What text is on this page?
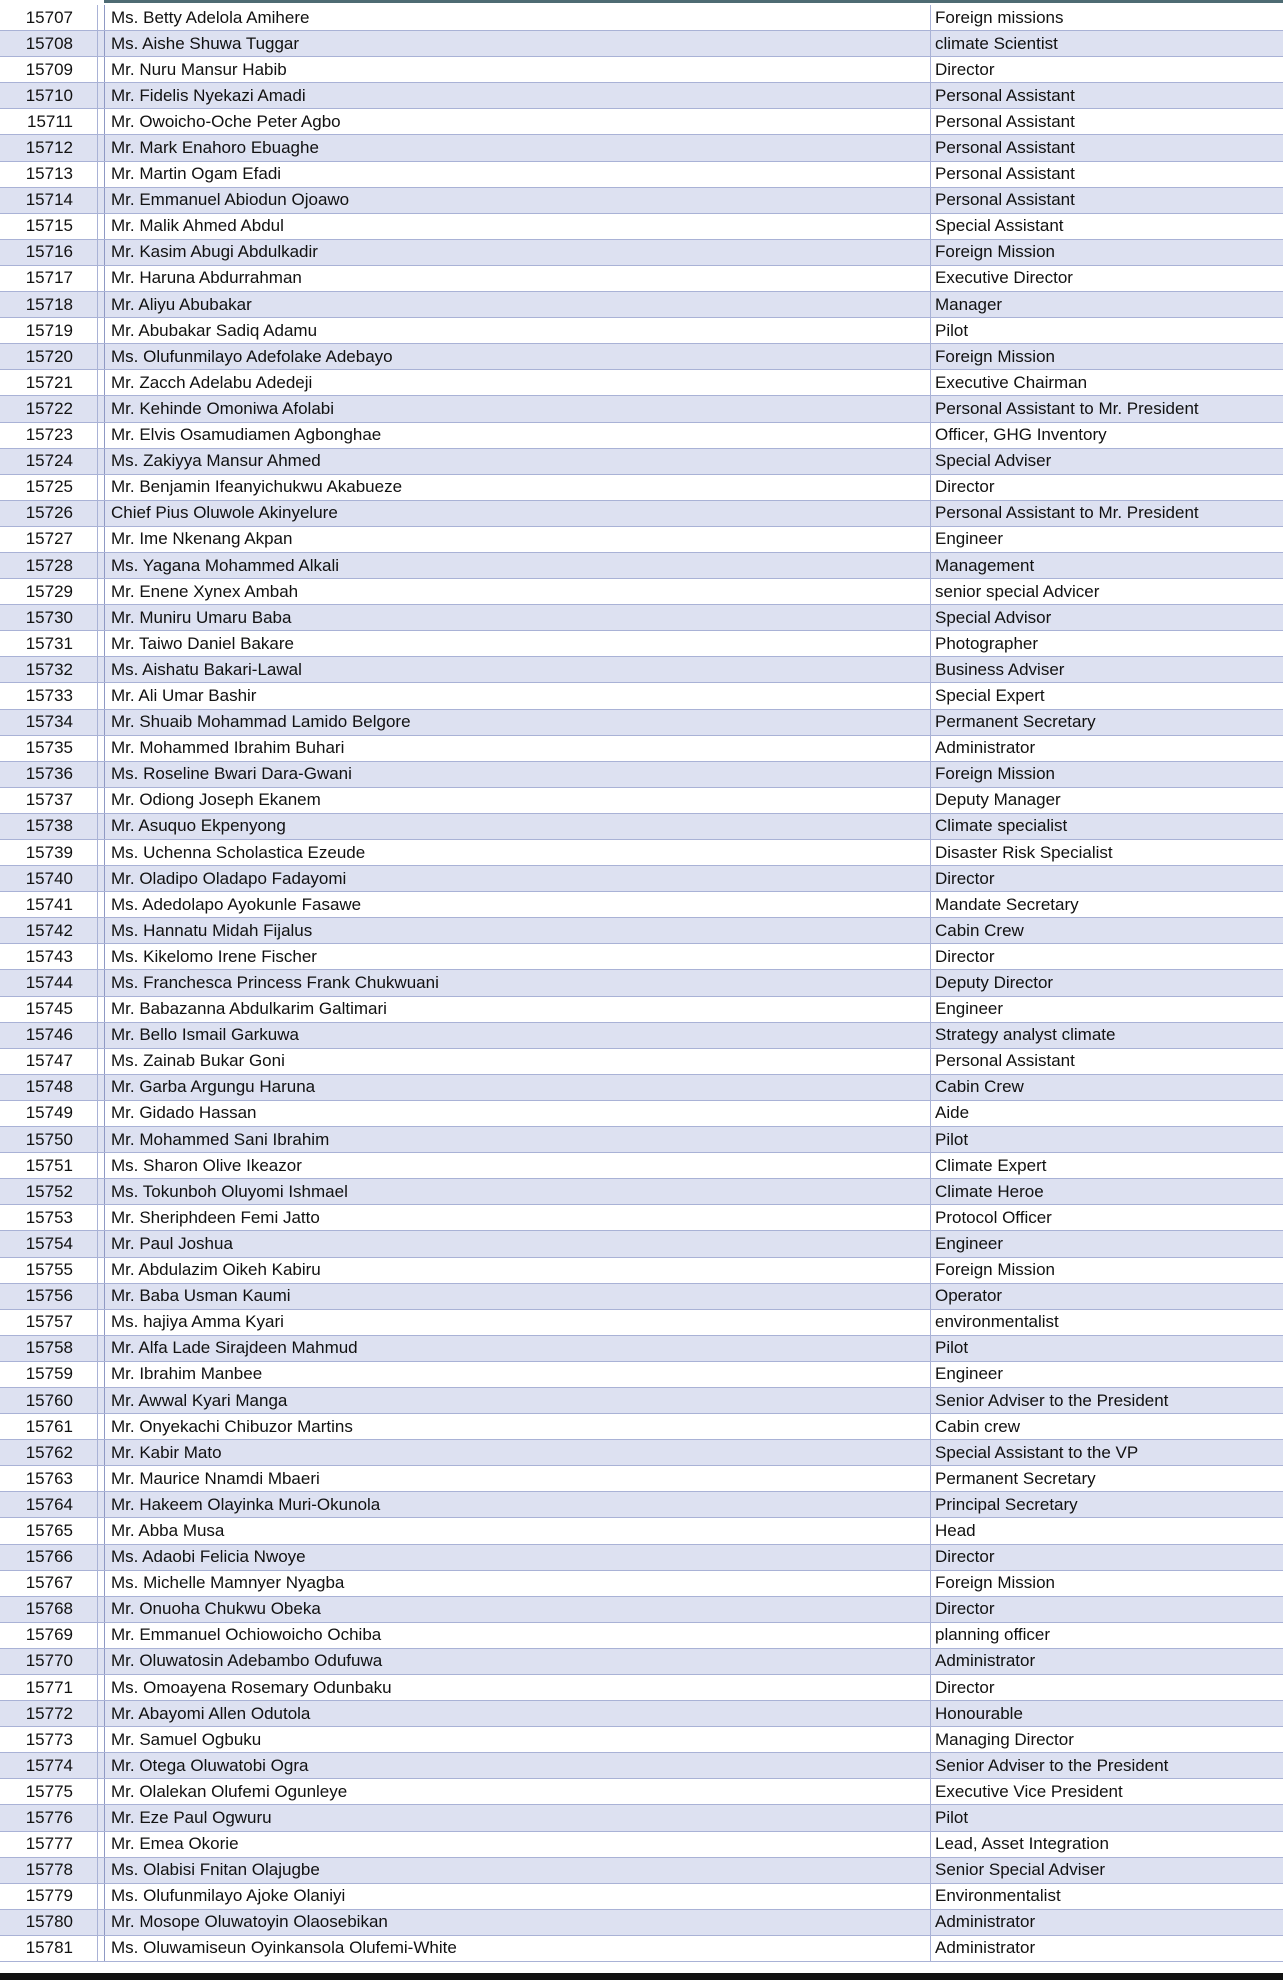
15707	Ms. Betty Adelola Amihere	Foreign missions
15708	Ms. Aishe Shuwa Tuggar	climate Scientist
15709	Mr. Nuru Mansur Habib	Director
15710	Mr. Fidelis Nyekazi Amadi	Personal Assistant
15711	Mr. Owoicho-Oche Peter Agbo	Personal Assistant
15712	Mr. Mark Enahoro Ebuaghe	Personal Assistant
15713	Mr. Martin Ogam Efadi	Personal Assistant
15714	Mr. Emmanuel Abiodun Ojoawo	Personal Assistant
15715	Mr. Malik Ahmed Abdul	Special Assistant
15716	Mr. Kasim Abugi Abdulkadir	Foreign Mission
15717	Mr. Haruna Abdurrahman	Executive Director
15718	Mr. Aliyu Abubakar	Manager
15719	Mr. Abubakar Sadiq Adamu	Pilot
15720	Ms. Olufunmilayo Adefolake Adebayo	Foreign Mission
15721	Mr. Zacch Adelabu Adedeji	Executive Chairman
15722	Mr. Kehinde Omoniwa Afolabi	Personal Assistant to Mr. President
15723	Mr. Elvis Osamudiamen Agbonghae	Officer, GHG Inventory
15724	Ms. Zakiyya Mansur Ahmed	Special Adviser
15725	Mr. Benjamin Ifeanyichukwu Akabueze	Director
15726	Chief Pius Oluwole Akinyelure	Personal Assistant to Mr. President
15727	Mr. Ime Nkenang Akpan	Engineer
15728	Ms. Yagana Mohammed Alkali	Management
15729	Mr. Enene Xynex Ambah	senior special Advicer
15730	Mr. Muniru Umaru Baba	Special Advisor
15731	Mr. Taiwo Daniel Bakare	Photographer
15732	Ms. Aishatu Bakari-Lawal	Business Adviser
15733	Mr. Ali Umar Bashir	Special Expert
15734	Mr. Shuaib Mohammad Lamido Belgore	Permanent Secretary
15735	Mr. Mohammed Ibrahim Buhari	Administrator
15736	Ms. Roseline Bwari Dara-Gwani	Foreign Mission
15737	Mr. Odiong Joseph Ekanem	Deputy Manager
15738	Mr. Asuquo Ekpenyong	Climate specialist
15739	Ms. Uchenna Scholastica Ezeude	Disaster Risk Specialist
15740	Mr. Oladipo Oladapo Fadayomi	Director
15741	Ms. Adedolapo Ayokunle Fasawe	Mandate Secretary
15742	Ms. Hannatu Midah Fijalus	Cabin Crew
15743	Ms. Kikelomo Irene Fischer	Director
15744	Ms. Franchesca Princess Frank Chukwuani	Deputy Director
15745	Mr. Babazanna Abdulkarim Galtimari	Engineer
15746	Mr. Bello Ismail Garkuwa	Strategy analyst climate
15747	Ms. Zainab Bukar Goni	Personal Assistant
15748	Mr. Garba Argungu Haruna	Cabin Crew
15749	Mr. Gidado Hassan	Aide
15750	Mr. Mohammed Sani Ibrahim	Pilot
15751	Ms. Sharon Olive Ikeazor	Climate Expert
15752	Ms. Tokunboh Oluyomi Ishmael	Climate Heroe
15753	Mr. Sheriphdeen Femi Jatto	Protocol Officer
15754	Mr. Paul Joshua	Engineer
15755	Mr. Abdulazim Oikeh Kabiru	Foreign Mission
15756	Mr. Baba Usman Kaumi	Operator
15757	Ms. hajiya Amma Kyari	environmentalist
15758	Mr. Alfa Lade Sirajdeen Mahmud	Pilot
15759	Mr. Ibrahim Manbee	Engineer
15760	Mr. Awwal Kyari Manga	Senior Adviser to the President
15761	Mr. Onyekachi Chibuzor Martins	Cabin crew
15762	Mr. Kabir Mato	Special Assistant to the VP
15763	Mr. Maurice Nnamdi Mbaeri	Permanent Secretary
15764	Mr. Hakeem Olayinka Muri-Okunola	Principal Secretary
15765	Mr. Abba Musa	Head
15766	Ms. Adaobi Felicia Nwoye	Director
15767	Ms. Michelle Mamnyer Nyagba	Foreign Mission
15768	Mr. Onuoha Chukwu Obeka	Director
15769	Mr. Emmanuel Ochiowoicho Ochiba	planning officer
15770	Mr. Oluwatosin Adebambo Odufuwa	Administrator
15771	Ms. Omoayena Rosemary Odunbaku	Director
15772	Mr. Abayomi Allen Odutola	Honourable
15773	Mr. Samuel Ogbuku	Managing Director
15774	Mr. Otega Oluwatobi Ogra	Senior Adviser to the President
15775	Mr. Olalekan Olufemi Ogunleye	Executive Vice President
15776	Mr. Eze Paul Ogwuru	Pilot
15777	Mr. Emea Okorie	Lead, Asset Integration
15778	Ms. Olabisi Fnitan Olajugbe	Senior Special Adviser
15779	Ms. Olufunmilayo Ajoke Olaniyi	Environmentalist
15780	Mr. Mosope Oluwatoyin Olaosebikan	Administrator
15781	Ms. Oluwamiseun Oyinkansola Olufemi-White	Administrator
